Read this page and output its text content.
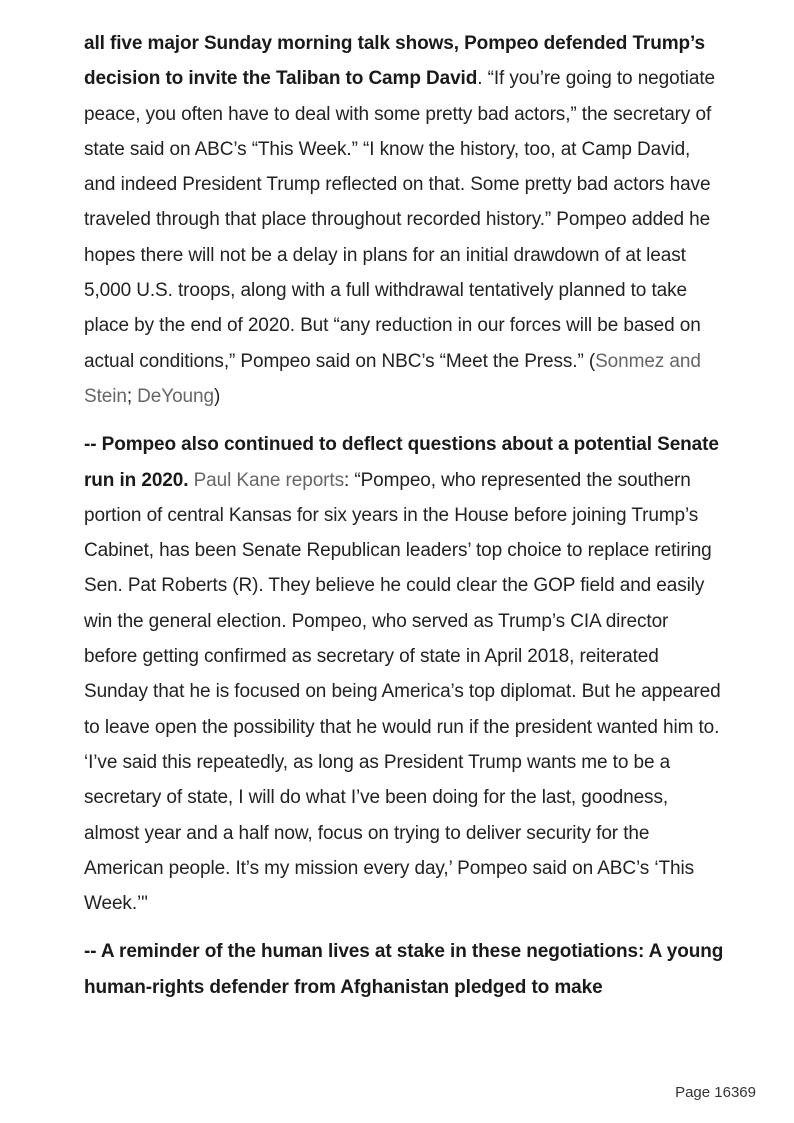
all five major Sunday morning talk shows, Pompeo defended Trump’s decision to invite the Taliban to Camp David. “If you’re going to negotiate peace, you often have to deal with some pretty bad actors,” the secretary of state said on ABC’s “This Week.” “I know the history, too, at Camp David, and indeed President Trump reflected on that. Some pretty bad actors have traveled through that place throughout recorded history.” Pompeo added he hopes there will not be a delay in plans for an initial drawdown of at least 5,000 U.S. troops, along with a full withdrawal tentatively planned to take place by the end of 2020. But “any reduction in our forces will be based on actual conditions,” Pompeo said on NBC’s “Meet the Press.” (Sonmez and Stein; DeYoung)

-- Pompeo also continued to deflect questions about a potential Senate run in 2020. Paul Kane reports: “Pompeo, who represented the southern portion of central Kansas for six years in the House before joining Trump’s Cabinet, has been Senate Republican leaders’ top choice to replace retiring Sen. Pat Roberts (R). They believe he could clear the GOP field and easily win the general election. Pompeo, who served as Trump’s CIA director before getting confirmed as secretary of state in April 2018, reiterated Sunday that he is focused on being America’s top diplomat. But he appeared to leave open the possibility that he would run if the president wanted him to. ‘I’ve said this repeatedly, as long as President Trump wants me to be a secretary of state, I will do what I’ve been doing for the last, goodness, almost year and a half now, focus on trying to deliver security for the American people. It’s my mission every day,’ Pompeo said on ABC’s ‘This Week.’"

-- A reminder of the human lives at stake in these negotiations: A young human-rights defender from Afghanistan pledged to make

Page 16369
